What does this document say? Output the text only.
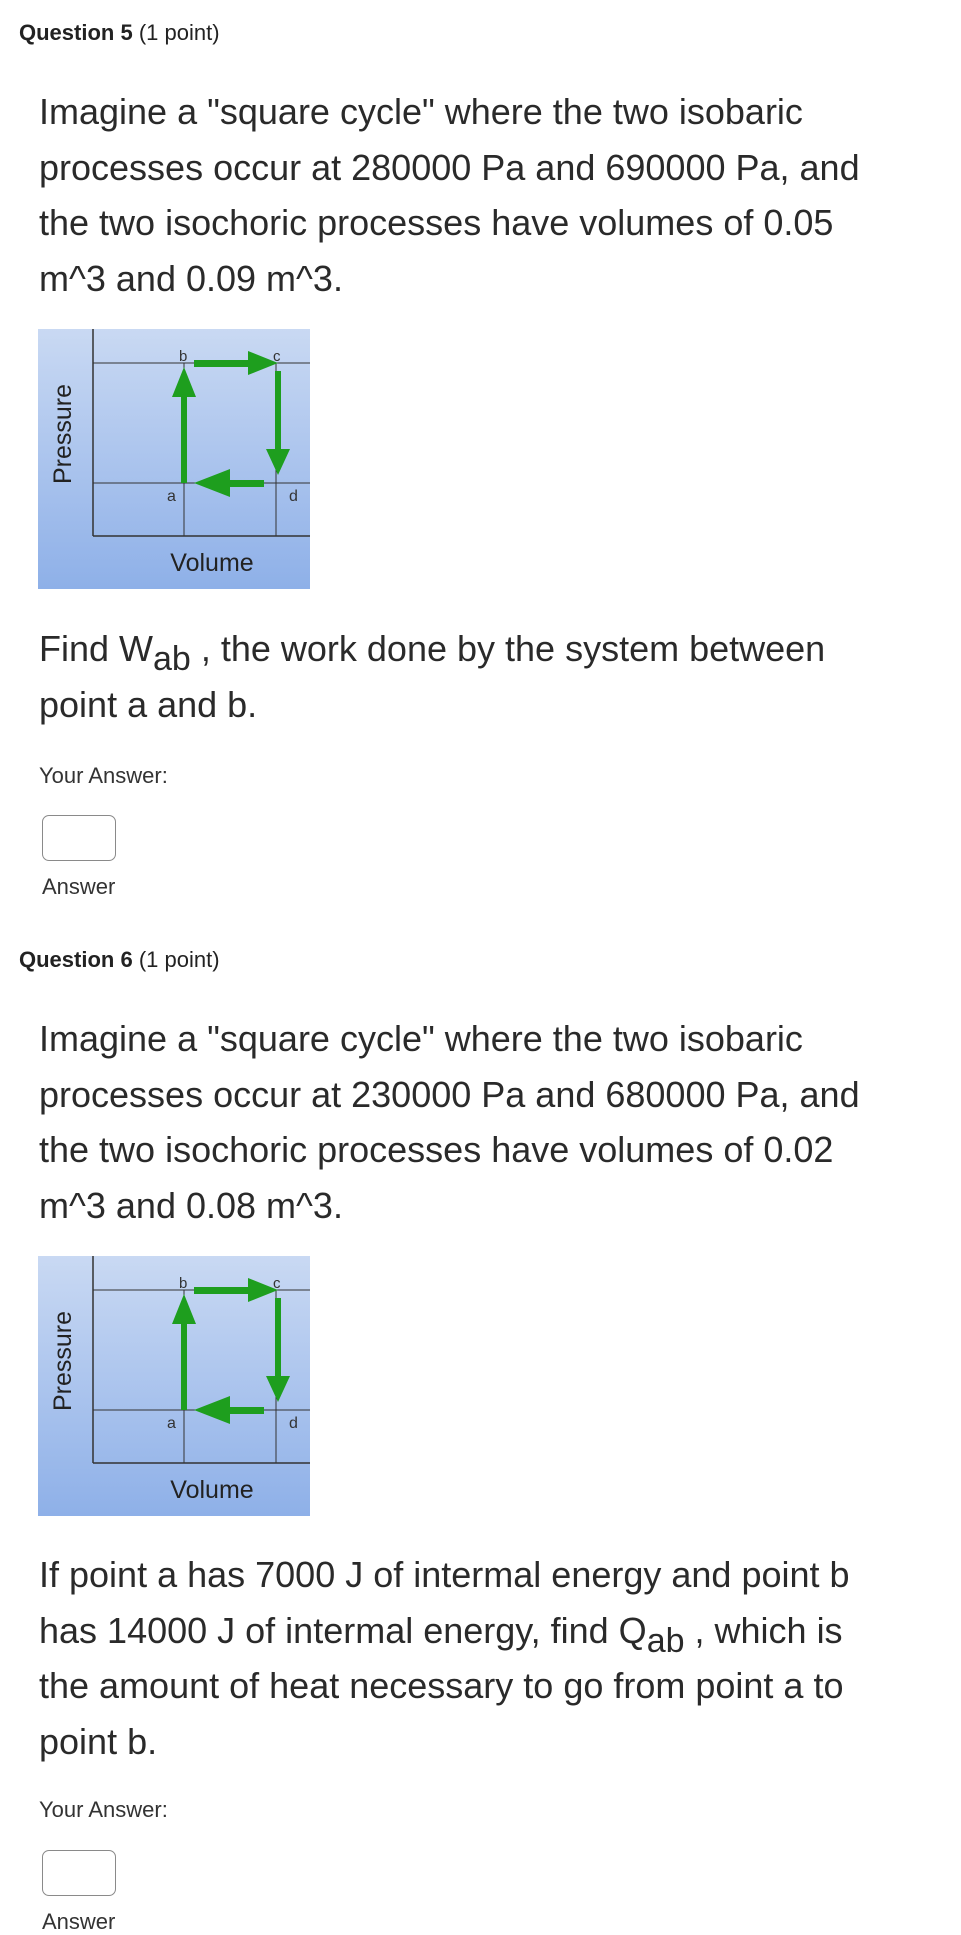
Question 5 (1 point)
Imagine a "square cycle" where the two isobaric processes occur at 280000 Pa and 690000 Pa, and the two isochoric processes have volumes of 0.05 m^3 and 0.09 m^3.
b	c
a	d
Volume
Pressure
Find $W_{ab}$ , the work done by the system between point a and b.
Your Answer:
Answer
Question 6 (1 point)
Imagine a "square cycle" where the two isobaric processes occur at 230000 Pa and 680000 Pa, and the two isochoric processes have volumes of 0.02 m^3 and 0.08 m^3.
b	c
a	d
Volume
Pressure
If point a has 7000 J of intermal energy and point b has 14000 J of intermal energy, find $Q_{ab}$ , which is the amount of heat necessary to go from point a to point b.
Your Answer:
Answer
